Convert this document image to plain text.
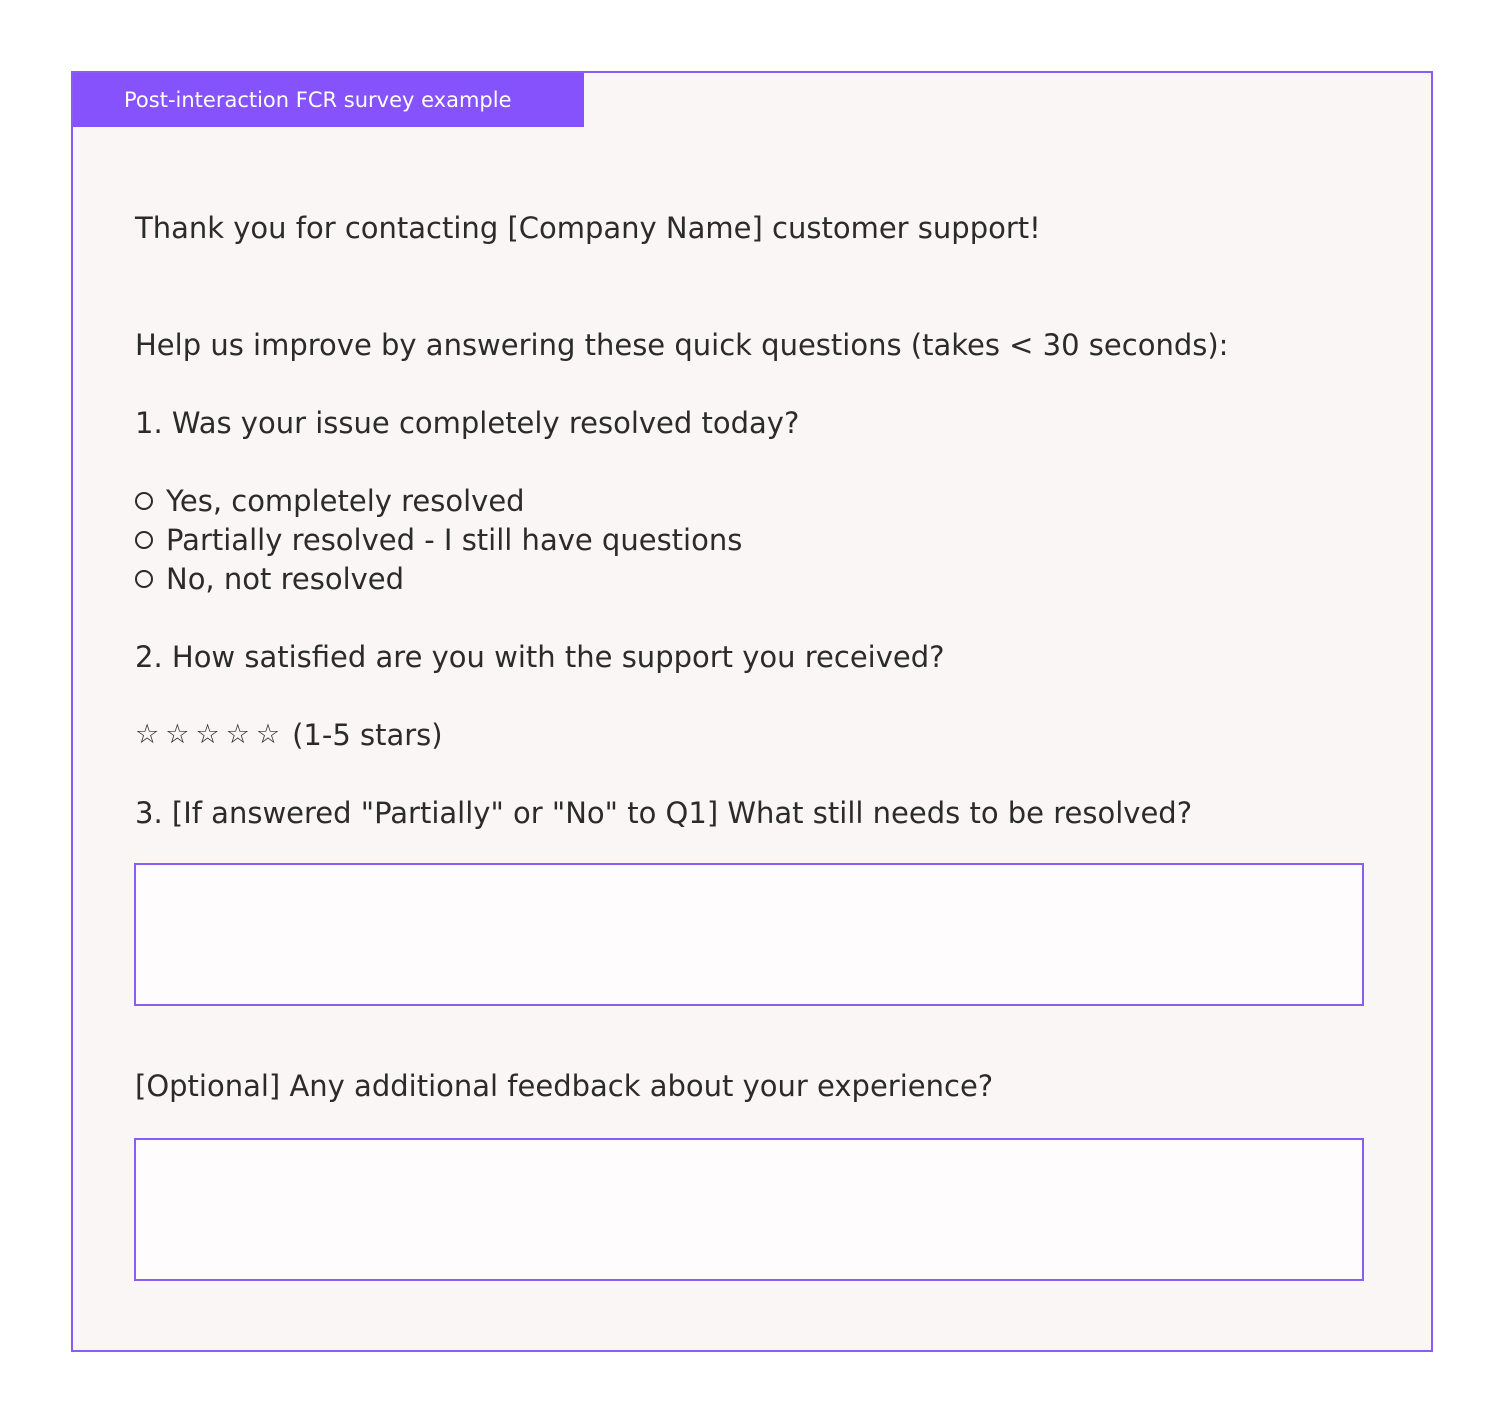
Post-interaction FCR survey example

Thank you for contacting [Company Name] customer support!

Help us improve by answering these quick questions (takes < 30 seconds):

1. Was your issue completely resolved today?

Yes, completely resolved
Partially resolved - I still have questions
No, not resolved

2. How satisfied are you with the support you received?

☆ ☆ ☆ ☆ ☆ (1-5 stars)

3. [If answered "Partially" or "No" to Q1] What still needs to be resolved?

[Optional] Any additional feedback about your experience?
